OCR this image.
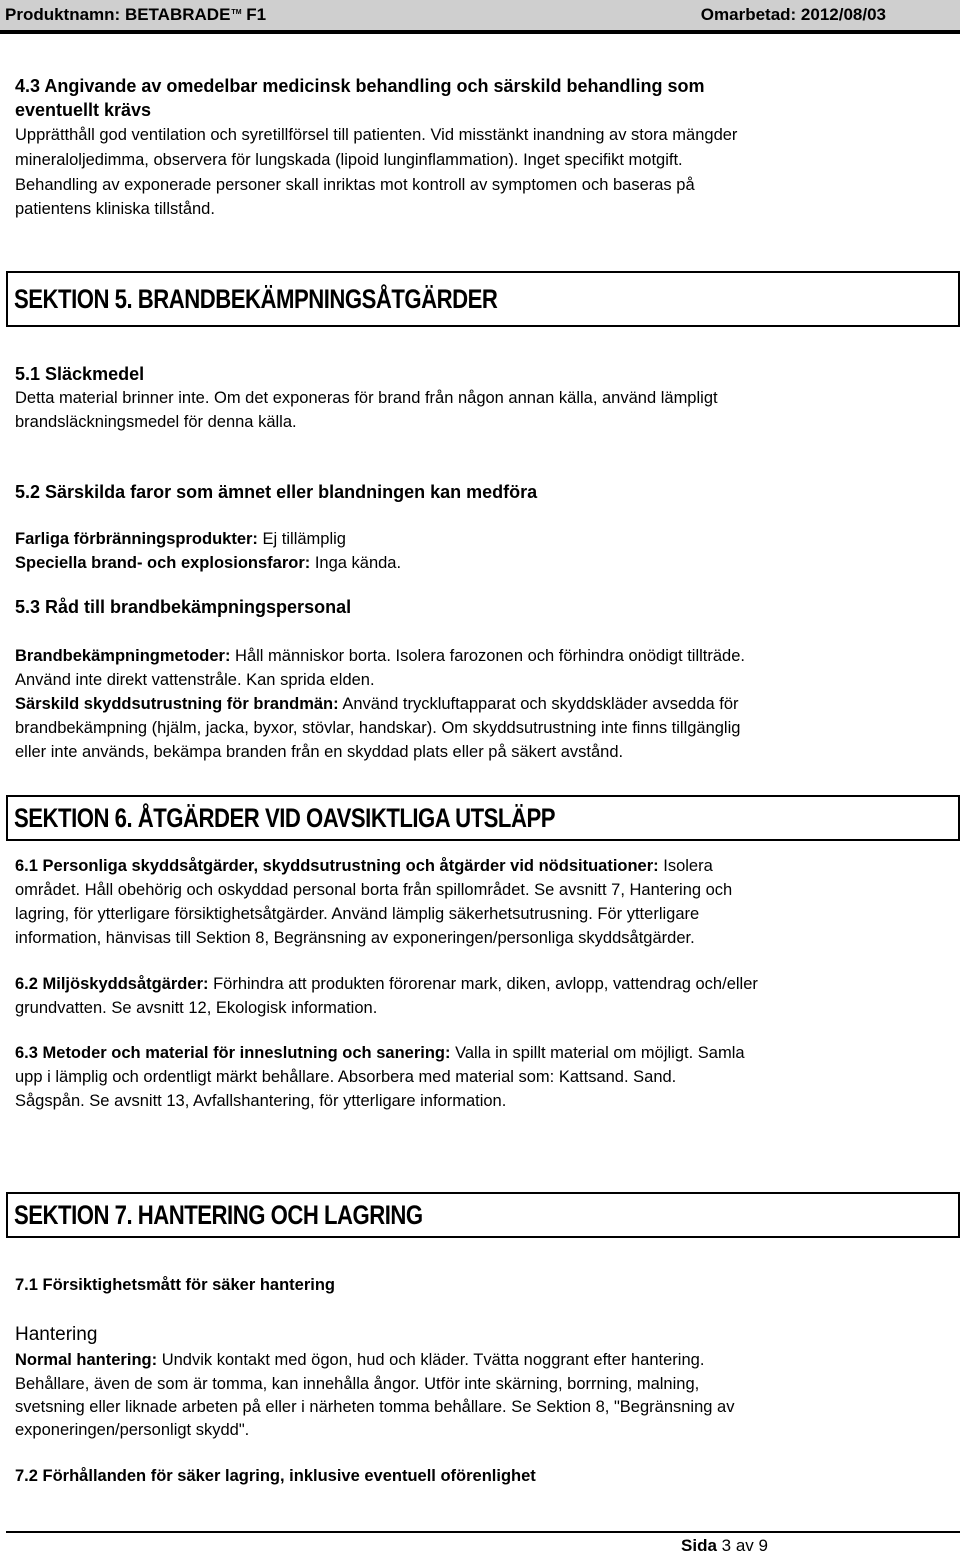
Produktnamn: BETABRADE™ F1	Omarbetad: 2012/08/03
4.3 Angivande av omedelbar medicinsk behandling och särskild behandling som
eventuellt krävs
Upprätthåll god ventilation och syretillförsel till patienten. Vid misstänkt inandning av stora mängder
mineraloljedimma, observera för lungskada (lipoid lunginflammation). Inget specifikt motgift.
Behandling av exponerade personer skall inriktas mot kontroll av symptomen och baseras på
patientens kliniska tillstånd.
SEKTION 5. BRANDBEKÄMPNINGSÅTGÄRDER
5.1 Släckmedel
Detta material brinner inte. Om det exponeras för brand från någon annan källa, använd lämpligt
brandsläckningsmedel för denna källa.
5.2 Särskilda faror som ämnet eller blandningen kan medföra
Farliga förbränningsprodukter: Ej tillämplig
Speciella brand- och explosionsfaror: Inga kända.
5.3 Råd till brandbekämpningspersonal
Brandbekämpningmetoder: Håll människor borta. Isolera farozonen och förhindra onödigt tillträde.
Använd inte direkt vattenstråle. Kan sprida elden.
Särskild skyddsutrustning för brandmän: Använd tryckluftapparat och skyddskläder avsedda för
brandbekämpning (hjälm, jacka, byxor, stövlar, handskar). Om skyddsutrustning inte finns tillgänglig
eller inte används, bekämpa branden från en skyddad plats eller på säkert avstånd.
SEKTION 6. ÅTGÄRDER VID OAVSIKTLIGA UTSLÄPP
6.1 Personliga skyddsåtgärder, skyddsutrustning och åtgärder vid nödsituationer: Isolera
området. Håll obehörig och oskyddad personal borta från spillområdet. Se avsnitt 7, Hantering och
lagring, för ytterligare försiktighetsåtgärder. Använd lämplig säkerhetsutrusning. För ytterligare
information, hänvisas till Sektion 8, Begränsning av exponeringen/personliga skyddsåtgärder.
6.2 Miljöskyddsåtgärder: Förhindra att produkten förorenar mark, diken, avlopp, vattendrag och/eller
grundvatten. Se avsnitt 12, Ekologisk information.
6.3 Metoder och material för inneslutning och sanering: Valla in spillt material om möjligt. Samla
upp i lämplig och ordentligt märkt behållare. Absorbera med material som: Kattsand. Sand.
Sågspån. Se avsnitt 13, Avfallshantering, för ytterligare information.
SEKTION 7. HANTERING OCH LAGRING
7.1 Försiktighetsmått för säker hantering
Hantering
Normal hantering: Undvik kontakt med ögon, hud och kläder. Tvätta noggrant efter hantering.
Behållare, även de som är tomma, kan innehålla ångor. Utför inte skärning, borrning, malning,
svetsning eller liknade arbeten på eller i närheten tomma behållare. Se Sektion 8, "Begränsning av
exponeringen/personligt skydd".
7.2 Förhållanden för säker lagring, inklusive eventuell oförenlighet
Sida 3 av 9
